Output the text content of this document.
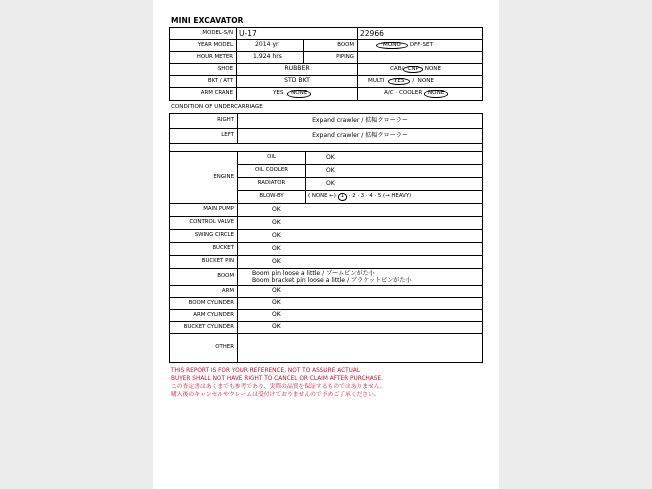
MINI EXCAVATOR
MODEL-S/N	U-17		22966
YEAR MODEL	2014 yr	BOOM	MONO OFF-SET
HOUR METER	1,924 hrs	PIPING	
SHOE	RUBBER		CAB/ CNP NONE
BKT / ATT	STD BKT		MULTI YES /  NONE
ARM CRANE	YES NONE		A/C · COOLER NONE
CONDITION OF UNDERCARRIAGE
RIGHT	Expand crawler / 拡幅クローラー	
LEFT	Expand crawler / 拡幅クローラー	

ENGINE	OIL	OK
	OIL COOLER	OK
	RADIATOR	OK
	BLOW-BY	( NONE ←) 1 · 2 · 3 · 4 · 5 (→ HEAVY)
MAIN PUMP	OK	
CONTROL VALVE	OK	
SWING CIRCLE	OK	
BUCKET	OK	
BUCKET PIN	OK	
BOOM	Boom pin loose a little / ブームピンがた小
Boom bracket pin loose a little / ブラケットピンがた小	

ARM	OK	
BOOM CYLINDER	OK	
ARM CYLINDER	OK	
BUCKET CYLINDER	OK	
OTHER		
THIS REPORT IS FOR YOUR REFERENCE, NOT TO ASSURE ACTUAL
BUYER SHALL NOT HAVE RIGHT TO CANCEL OR CLAIM AFTER PURCHASE.
この査定書はあくまでも参考であり、実際の品質を保証するものではありません。
購入後のキャンセルやクレームは受付けておりませんので予めご了承ください。
